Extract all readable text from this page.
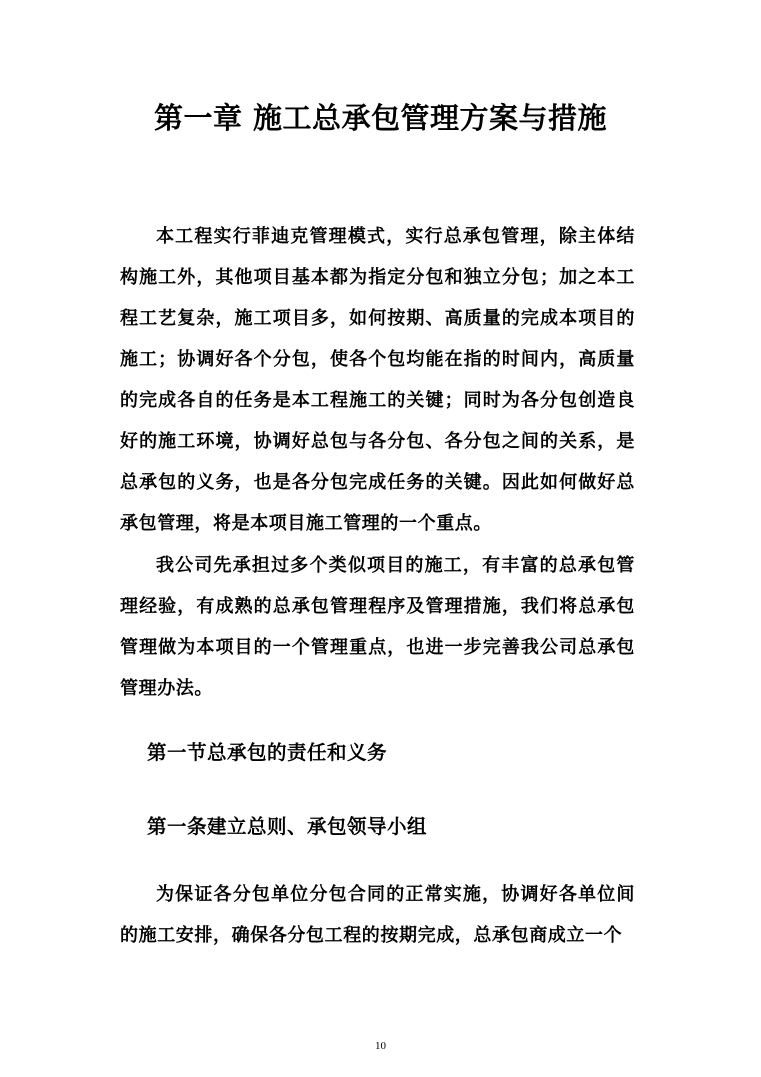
第一章 施工总承包管理方案与措施
本工程实行菲迪克管理模式，实行总承包管理，除主体结构施工外，其他项目基本都为指定分包和独立分包；加之本工程工艺复杂，施工项目多，如何按期、高质量的完成本项目的施工；协调好各个分包，使各个包均能在指的时间内，高质量的完成各自的任务是本工程施工的关键；同时为各分包创造良好的施工环境，协调好总包与各分包、各分包之间的关系，是总承包的义务，也是各分包完成任务的关键。因此如何做好总承包管理，将是本项目施工管理的一个重点。
我公司先承担过多个类似项目的施工，有丰富的总承包管理经验，有成熟的总承包管理程序及管理措施，我们将总承包管理做为本项目的一个管理重点，也进一步完善我公司总承包管理办法。
第一节总承包的责任和义务
第一条建立总则、承包领导小组
为保证各分包单位分包合同的正常实施，协调好各单位间的施工安排，确保各分包工程的按期完成，总承包商成立一个
10
